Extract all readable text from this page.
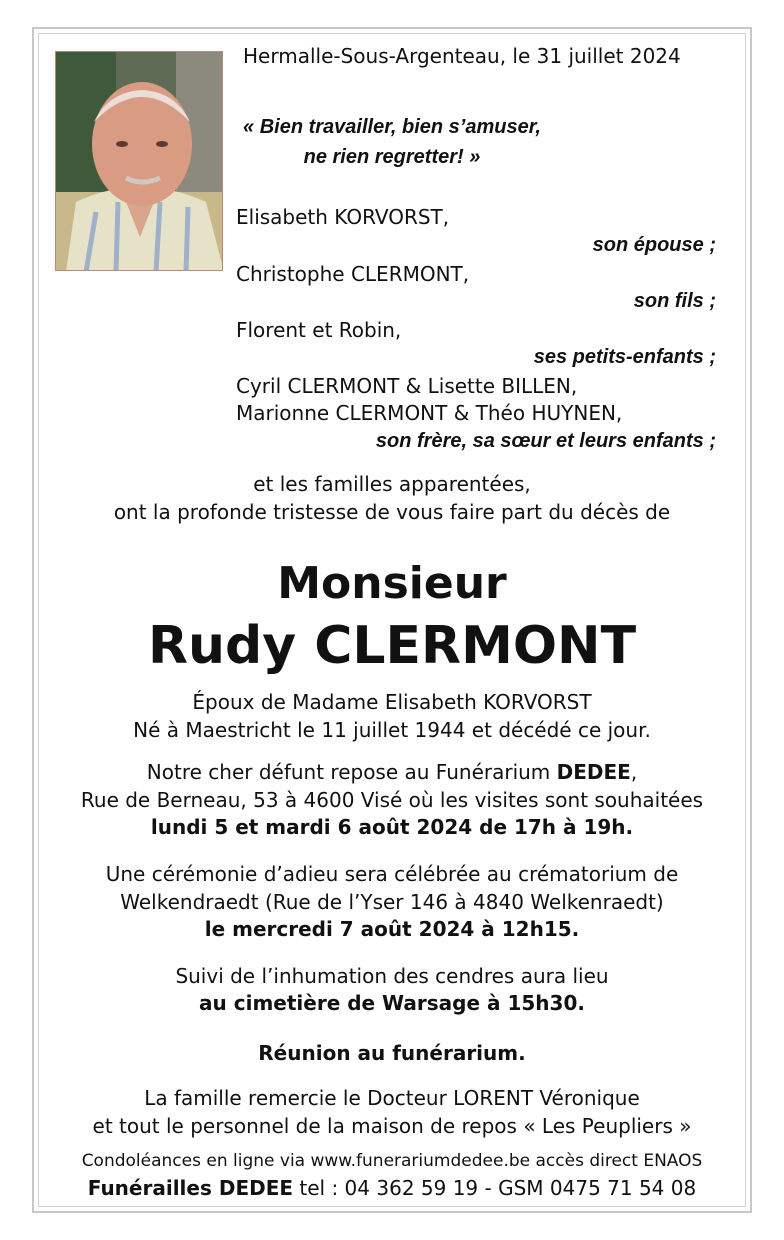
Hermalle-Sous-Argenteau, le 31 juillet 2024
« Bien travailler, bien s’amuser,
ne rien regretter! »
Elisabeth KORVORST,
son épouse ;
Christophe CLERMONT,
son fils ;
Florent et Robin,
ses petits-enfants ;
Cyril CLERMONT & Lisette BILLEN,
Marionne CLERMONT & Théo HUYNEN,
son frère, sa sœur et leurs enfants ;
et les familles apparentées,
ont la profonde tristesse de vous faire part du décès de
Monsieur
Rudy CLERMONT
Époux de Madame Elisabeth KORVORST
Né à Maestricht le 11 juillet 1944 et décédé ce jour.
Notre cher défunt repose au Funérarium DEDEE,
Rue de Berneau, 53 à 4600 Visé où les visites sont souhaitées
lundi 5 et mardi 6 août 2024 de 17h à 19h.
Une cérémonie d’adieu sera célébrée au crématorium de
Welkendraedt (Rue de l’Yser 146 à 4840 Welkenraedt)
le mercredi 7 août 2024 à 12h15.
Suivi de l’inhumation des cendres aura lieu
au cimetière de Warsage à 15h30.
Réunion au funérarium.
La famille remercie le Docteur LORENT Véronique
et tout le personnel de la maison de repos « Les Peupliers »
Condoléances en ligne via www.funerariumdedee.be accès direct ENAOS
Funérailles DEDEE tel : 04 362 59 19 - GSM 0475 71 54 08
